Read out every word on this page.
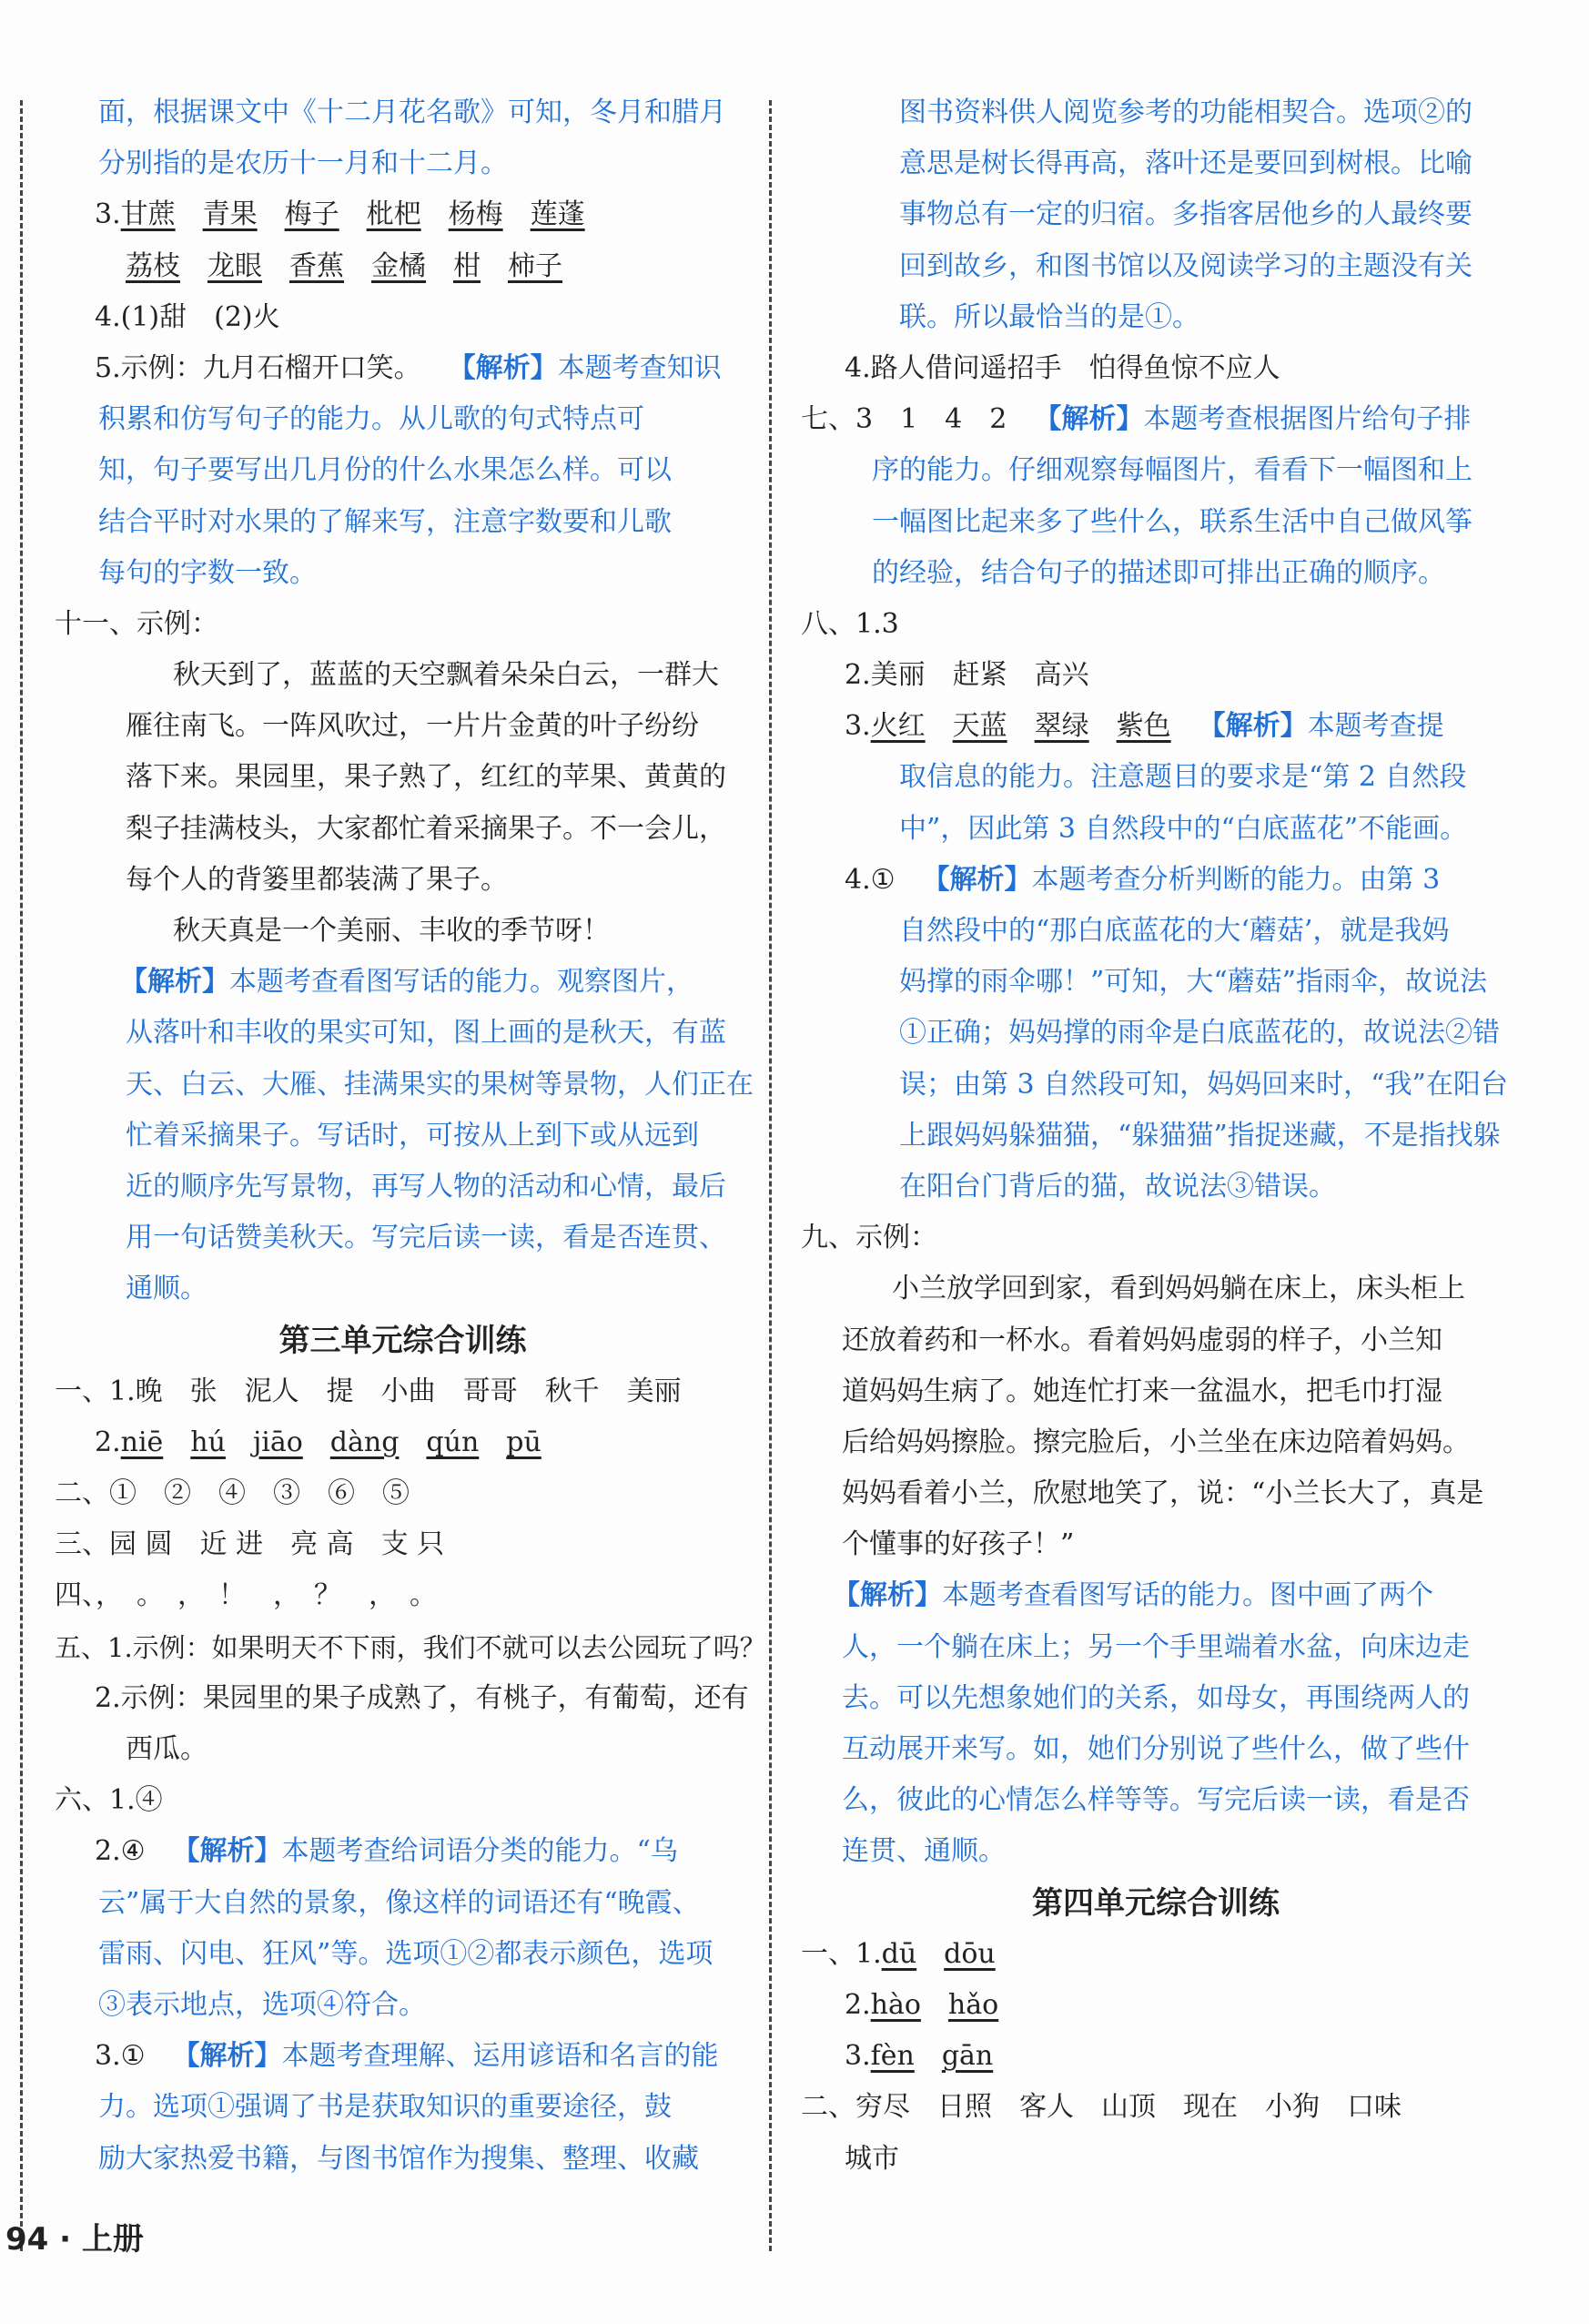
面，根据课文中《十二月花名歌》可知，冬月和腊月
分别指的是农历十一月和十二月。
3.甘蔗 青果 梅子 枇杷 杨梅 莲蓬
荔枝 龙眼 香蕉 金橘 柑 柿子
4.(1)甜　(2)火
5.示例：九月石榴开口笑。 【解析】本题考查知识
积累和仿写句子的能力。从儿歌的句式特点可
知，句子要写出几月份的什么水果怎么样。可以
结合平时对水果的了解来写，注意字数要和儿歌
每句的字数一致。
十一、示例：
秋天到了，蓝蓝的天空飘着朵朵白云，一群大
雁往南飞。一阵风吹过，一片片金黄的叶子纷纷
落下来。果园里，果子熟了，红红的苹果、黄黄的
梨子挂满枝头，大家都忙着采摘果子。不一会儿，
每个人的背篓里都装满了果子。
秋天真是一个美丽、丰收的季节呀！
【解析】本题考查看图写话的能力。观察图片，
从落叶和丰收的果实可知，图上画的是秋天，有蓝
天、白云、大雁、挂满果实的果树等景物，人们正在
忙着采摘果子。写话时，可按从上到下或从远到
近的顺序先写景物，再写人物的活动和心情，最后
用一句话赞美秋天。写完后读一读，看是否连贯、
通顺。
第三单元综合训练
一、1.晚　张　泥人　提　小曲　哥哥　秋千　美丽
2.niē hú jiāo dàng qún pū
二、①　②　④　③　⑥　⑤
三、园 圆　近 进　亮 高　支 只
四、，　。　，　！　，　？　，　。
五、1.示例：如果明天不下雨，我们不就可以去公园玩了吗？
2.示例：果园里的果子成熟了，有桃子，有葡萄，还有
西瓜。
六、1.④
2.④ 【解析】本题考查给词语分类的能力。“乌
云”属于大自然的景象，像这样的词语还有“晚霞、
雷雨、闪电、狂风”等。选项①②都表示颜色，选项
③表示地点，选项④符合。
3.① 【解析】本题考查理解、运用谚语和名言的能
力。选项①强调了书是获取知识的重要途径，鼓
励大家热爱书籍，与图书馆作为搜集、整理、收藏
图书资料供人阅览参考的功能相契合。选项②的
意思是树长得再高，落叶还是要回到树根。比喻
事物总有一定的归宿。多指客居他乡的人最终要
回到故乡，和图书馆以及阅读学习的主题没有关
联。所以最恰当的是①。
4.路人借问遥招手　怕得鱼惊不应人
七、3　1　4　2 【解析】本题考查根据图片给句子排
序的能力。仔细观察每幅图片，看看下一幅图和上
一幅图比起来多了些什么，联系生活中自己做风筝
的经验，结合句子的描述即可排出正确的顺序。
八、1.3
2.美丽　赶紧　高兴
3.火红 天蓝 翠绿 紫色 【解析】本题考查提
取信息的能力。注意题目的要求是“第 2 自然段
中”，因此第 3 自然段中的“白底蓝花”不能画。
4.① 【解析】本题考查分析判断的能力。由第 3
自然段中的“那白底蓝花的大‘蘑菇’，就是我妈
妈撑的雨伞哪！”可知，大“蘑菇”指雨伞，故说法
①正确；妈妈撑的雨伞是白底蓝花的，故说法②错
误；由第 3 自然段可知，妈妈回来时，“我”在阳台
上跟妈妈躲猫猫，“躲猫猫”指捉迷藏，不是指找躲
在阳台门背后的猫，故说法③错误。
九、示例：
小兰放学回到家，看到妈妈躺在床上，床头柜上
还放着药和一杯水。看着妈妈虚弱的样子，小兰知
道妈妈生病了。她连忙打来一盆温水，把毛巾打湿
后给妈妈擦脸。擦完脸后，小兰坐在床边陪着妈妈。
妈妈看着小兰，欣慰地笑了，说：“小兰长大了，真是
个懂事的好孩子！”
【解析】本题考查看图写话的能力。图中画了两个
人，一个躺在床上；另一个手里端着水盆，向床边走
去。可以先想象她们的关系，如母女，再围绕两人的
互动展开来写。如，她们分别说了些什么，做了些什
么，彼此的心情怎么样等等。写完后读一读，看是否
连贯、通顺。
第四单元综合训练
一、1.dū dōu
2.hào hǎo
3.fèn gān
二、穷尽　日照　客人　山顶　现在　小狗　口味
城市
94 · 上册
